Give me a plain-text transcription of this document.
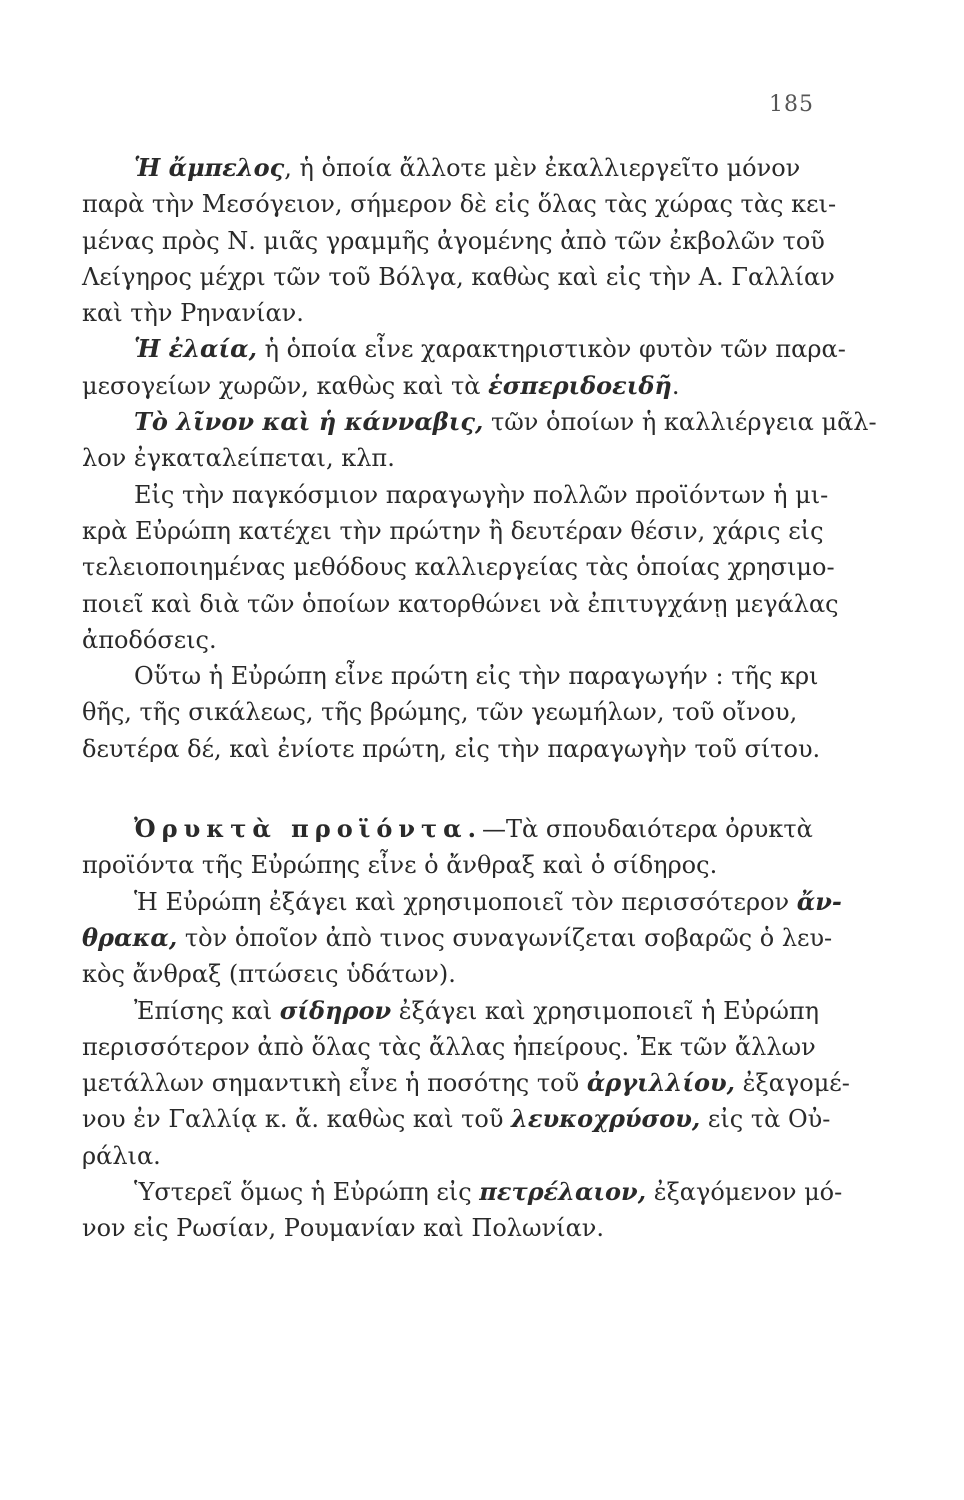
185
Ἡ ἄμπελος, ἡ ὁποία ἄλλοτε μὲν ἐκαλλιεργεῖτο μόνον
παρὰ τὴν Μεσόγειον, σήμερον δὲ εἰς ὅλας τὰς χώρας τὰς κει-
μένας πρὸς Ν. μιᾶς γραμμῆς ἀγομένης ἀπὸ τῶν ἐκβολῶν τοῦ
Λείγηρος μέχρι τῶν τοῦ Βόλγα, καθὼς καὶ εἰς τὴν Α. Γαλλίαν
καὶ τὴν Ρηνανίαν.
Ἡ ἐλαία, ἡ ὁποία εἶνε χαρακτηριστικὸν φυτὸν τῶν παρα-
μεσογείων χωρῶν, καθὼς καὶ τὰ ἑσπεριδοειδῆ.
Τὸ λῖνον καὶ ἡ κάνναβις, τῶν ὁποίων ἡ καλλιέργεια μᾶλ-
λον ἐγκαταλείπεται, κλπ.
Εἰς τὴν παγκόσμιον παραγωγὴν πολλῶν προϊόντων ἡ μι-
κρὰ Εὐρώπη κατέχει τὴν πρώτην ἢ δευτέραν θέσιν, χάρις εἰς
τελειοποιημένας μεθόδους καλλιεργείας τὰς ὁποίας χρησιμο-
ποιεῖ καὶ διὰ τῶν ὁποίων κατορθώνει νὰ ἐπιτυγχάνῃ μεγάλας
ἀποδόσεις.
Οὕτω ἡ Εὐρώπη εἶνε πρώτη εἰς τὴν παραγωγήν : τῆς κρι
θῆς, τῆς σικάλεως, τῆς βρώμης, τῶν γεωμήλων, τοῦ οἴνου,
δευτέρα δέ, καὶ ἐνίοτε πρώτη, εἰς τὴν παραγωγὴν τοῦ σίτου.
Ὀρυκτὰ προϊόντα.—Τὰ σπουδαιότερα ὀρυκτὰ
προϊόντα τῆς Εὐρώπης εἶνε ὁ ἄνθραξ καὶ ὁ σίδηρος.
Ἡ Εὐρώπη ἐξάγει καὶ χρησιμοποιεῖ τὸν περισσότερον ἄν-
θρακα, τὸν ὁποῖον ἀπὸ τινος συναγωνίζεται σοβαρῶς ὁ λευ-
κὸς ἄνθραξ (πτώσεις ὑδάτων).
Ἐπίσης καὶ σίδηρον ἐξάγει καὶ χρησιμοποιεῖ ἡ Εὐρώπη
περισσότερον ἀπὸ ὅλας τὰς ἄλλας ἠπείρους. Ἐκ τῶν ἄλλων
μετάλλων σημαντικὴ εἶνε ἡ ποσότης τοῦ ἀργιλλίου, ἐξαγομέ-
νου ἐν Γαλλίᾳ κ. ἄ. καθὼς καὶ τοῦ λευκοχρύσου, εἰς τὰ Οὐ-
ράλια.
Ὑστερεῖ ὅμως ἡ Εὐρώπη εἰς πετρέλαιον, ἐξαγόμενον μό-
νον εἰς Ρωσίαν, Ρουμανίαν καὶ Πολωνίαν.
